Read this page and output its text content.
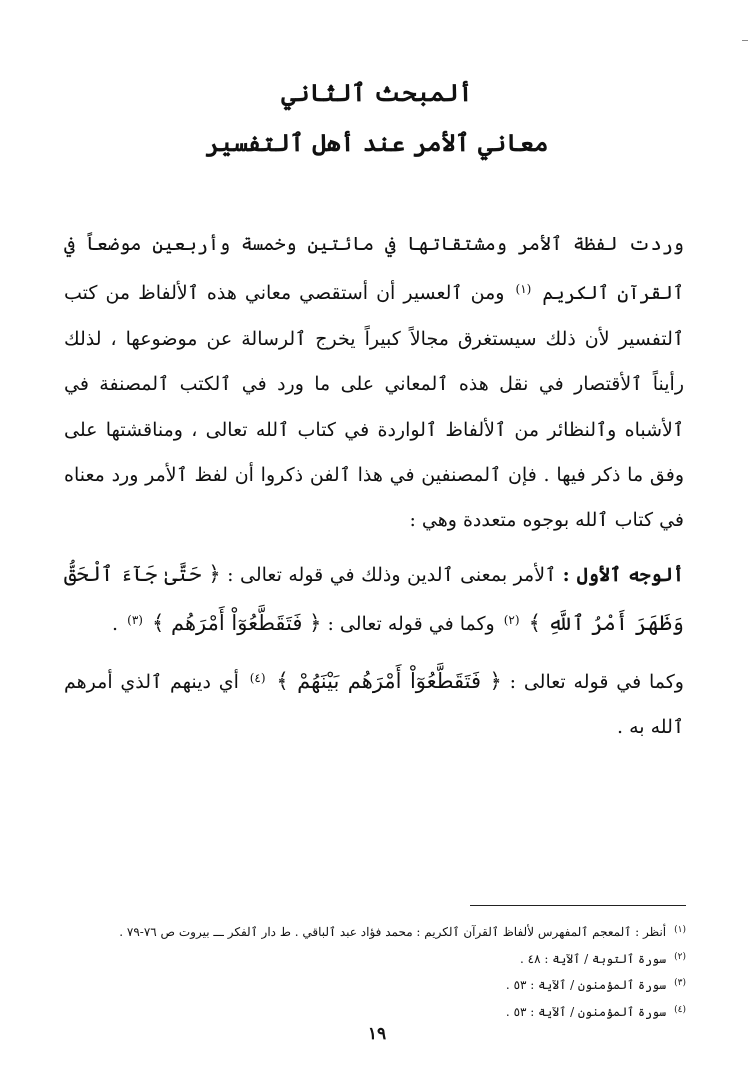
ألمبحث ٱلثاني
معاني ٱلأمر عند أهل ٱلتفسير

وردت لفظة ٱلأمر ومشتقاتها في مائتين وخمسة وأربعين موضعاً في ٱلقرآن ٱلكريم $^{(١)}$ ومن ٱلعسير أن أستقصي معاني هذه ٱلألفاظ من كتب ٱلتفسير لأن ذلك سيستغرق مجالاً كبيراً يخرج ٱلرسالة عن موضوعها ، لذلك رأيناً ٱلأقتصار في نقل هذه ٱلمعاني على ما ورد في ٱلكتب ٱلمصنفة في ٱلأشباه وٱلنظائر من ٱلألفاظ ٱلواردة في كتاب ٱلله تعالى ، ومناقشتها على وفق ما ذكر فيها . فإن ٱلمصنفين في هذا ٱلفن ذكروا أن لفظ ٱلأمر ورد معناه في كتاب ٱلله بوجوه متعددة وهي :

ألوجه ٱلأول : ٱلأمر بمعنى ٱلدين وذلك في قوله تعالى : ﴿ حَتَّىٰ جَآءَ ٱلْحَقُّ وَظَهَرَ أَمْرُ ٱللَّهِ ﴾ $^{(٢)}$ وكما في قوله تعالى : ﴿ فَتَقَطَّعُوٓاْ أَمْرَهُم ﴾ $^{(٣)}$ .

وكما في قوله تعالى : ﴿ فَتَقَطَّعُوٓاْ أَمْرَهُم بَيْنَهُمْ ﴾ $^{(٤)}$ أي دينهم ٱلذي أمرهم ٱلله به .

$^{(١)}$أنظر : ٱلمعجم ٱلمفهرس لألفاظ ٱلقرآن ٱلكريم : محمد فؤاد عبد ٱلباقي . ط دار ٱلفكر ـــ بيروت ص ٧٦-٧٩ .
$^{(٢)}$سورة ٱلتوبة / ٱلآية : ٤٨ .
$^{(٣)}$سورة ٱلمؤمنون / ٱلآية : ٥٣ .
$^{(٤)}$سورة ٱلمؤمنون / ٱلآية : ٥٣ .
١٩
